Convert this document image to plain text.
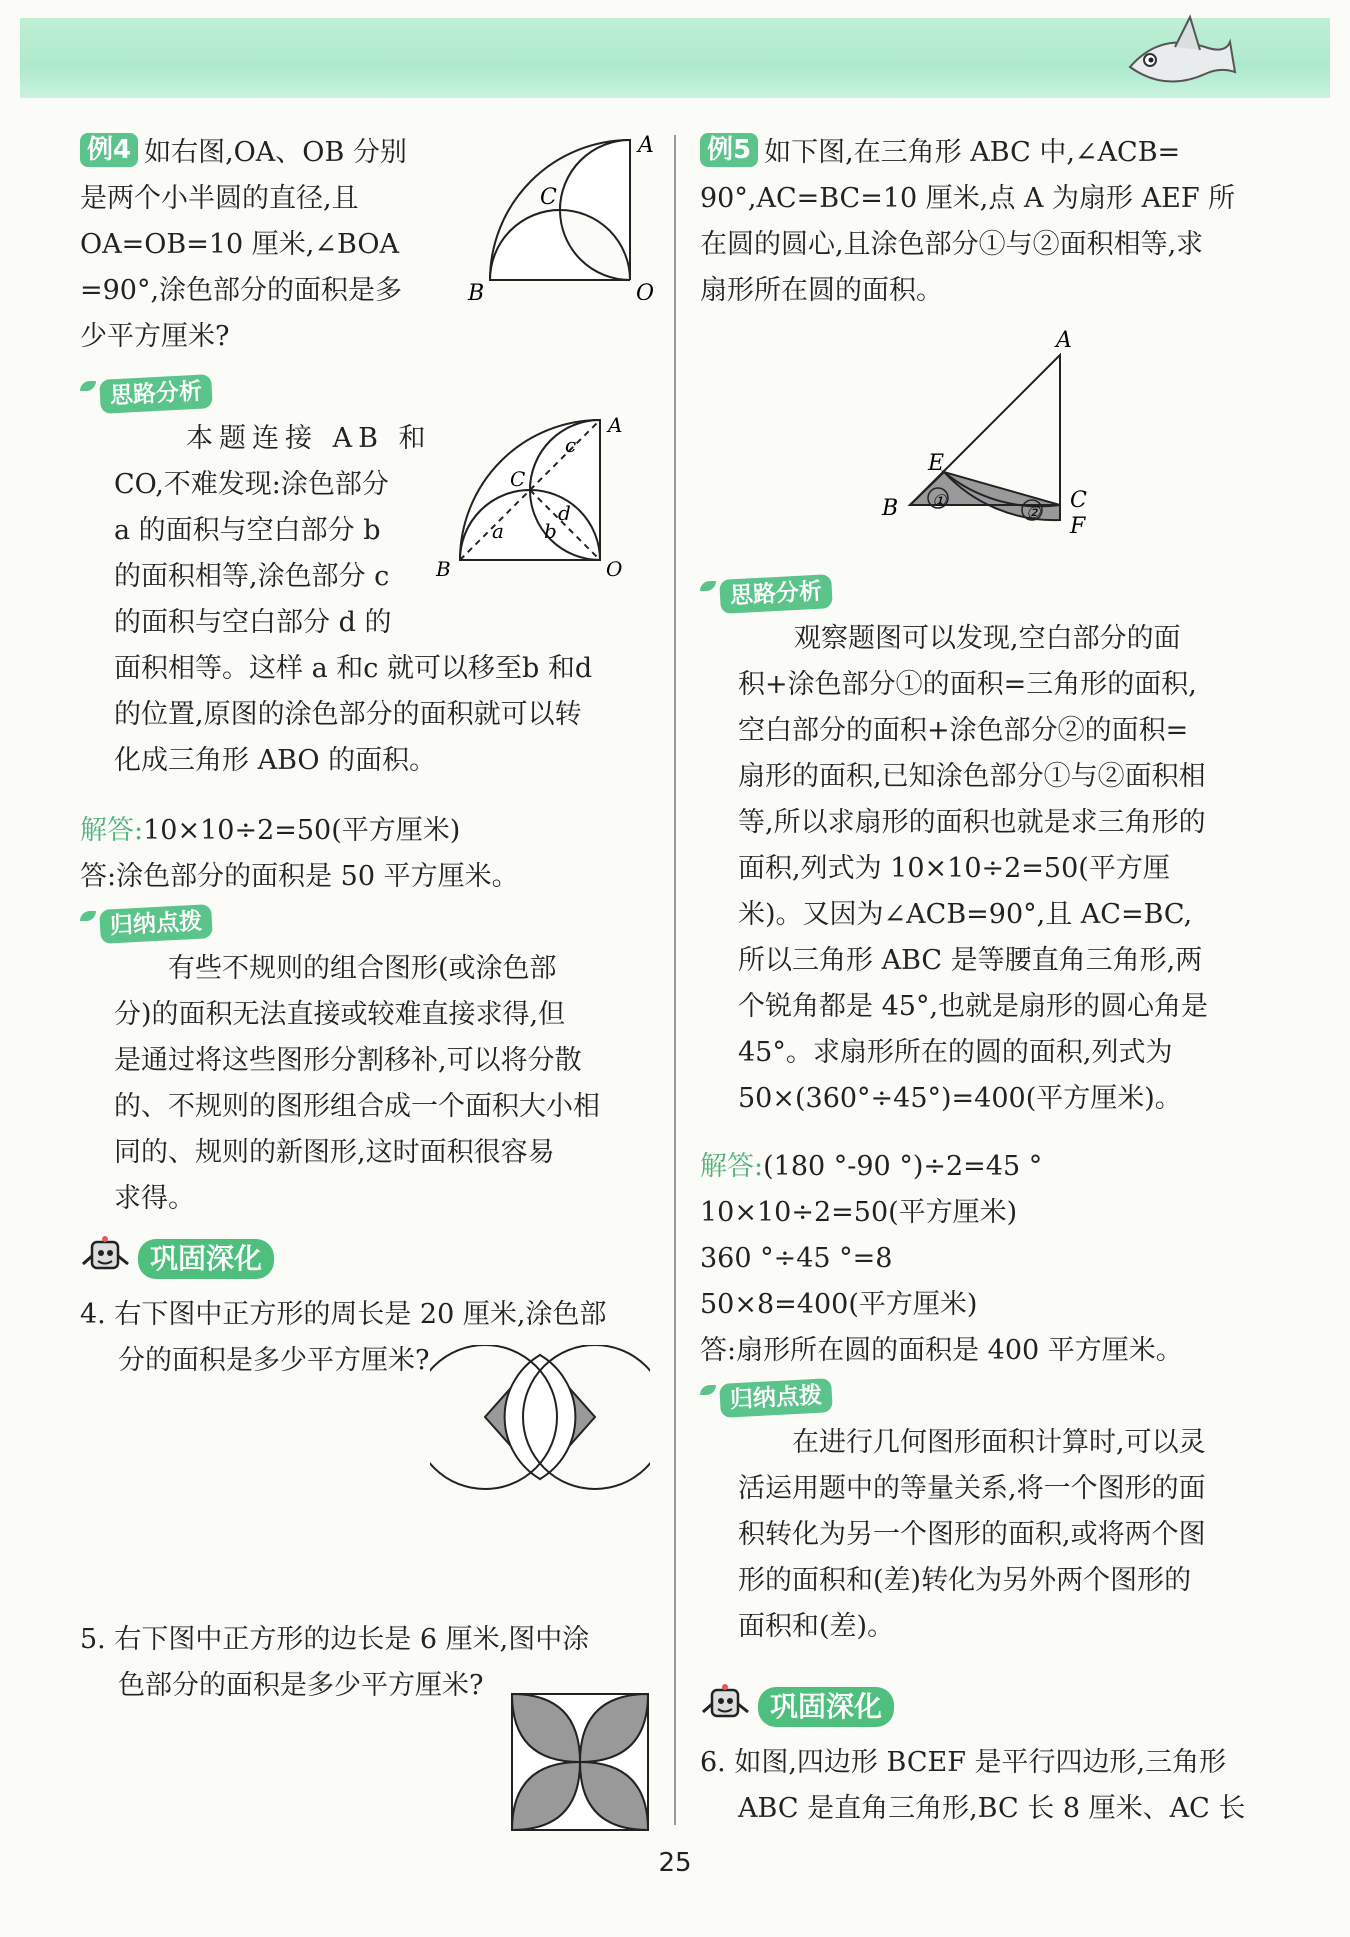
例4 如右图,OA、OB 分别
是两个小半圆的直径,且
OA=OB=10 厘米,∠BOA
=90°,涂色部分的面积是多
少平方厘米?
思路分析
本题连接 AB 和
CO,不难发现:涂色部分
a 的面积与空白部分 b
的面积相等,涂色部分 c
的面积与空白部分 d 的
面积相等。这样 a 和c 就可以移至b 和d
的位置,原图的涂色部分的面积就可以转
化成三角形 ABO 的面积。
解答:10×10÷2=50(平方厘米)
答:涂色部分的面积是 50 平方厘米。
归纳点拨
有些不规则的组合图形(或涂色部
分)的面积无法直接或较难直接求得,但
是通过将这些图形分割移补,可以将分散
的、不规则的图形组合成一个面积大小相
同的、规则的新图形,这时面积很容易
求得。
巩固深化
4. 右下图中正方形的周长是 20 厘米,涂色部
分的面积是多少平方厘米?
A
B
C
O
A
B
C
O
a b
c
d
5. 右下图中正方形的边长是 6 厘米,图中涂
色部分的面积是多少平方厘米?
例5 如下图,在三角形 ABC 中,∠ACB=
90°,AC=BC=10 厘米,点 A 为扇形 AEF 所
在圆的圆心,且涂色部分①与②面积相等,求
扇形所在圆的面积。
①
②
A
B	C
E
F
思路分析
观察题图可以发现,空白部分的面
积+涂色部分①的面积=三角形的面积,
空白部分的面积+涂色部分②的面积=
扇形的面积,已知涂色部分①与②面积相
等,所以求扇形的面积也就是求三角形的
面积,列式为 10×10÷2=50(平方厘
米)。又因为∠ACB=90°,且 AC=BC,
所以三角形 ABC 是等腰直角三角形,两
个锐角都是 45°,也就是扇形的圆心角是
45°。求扇形所在的圆的面积,列式为
50×(360°÷45°)=400(平方厘米)。
解答:(180 °-90 °)÷2=45 °
10×10÷2=50(平方厘米)
360 °÷45 °=8
50×8=400(平方厘米)
答:扇形所在圆的面积是 400 平方厘米。
归纳点拨
在进行几何图形面积计算时,可以灵
活运用题中的等量关系,将一个图形的面
积转化为另一个图形的面积,或将两个图
形的面积和(差)转化为另外两个图形的
面积和(差)。
巩固深化
6. 如图,四边形 BCEF 是平行四边形,三角形
ABC 是直角三角形,BC 长 8 厘米、AC 长
25
